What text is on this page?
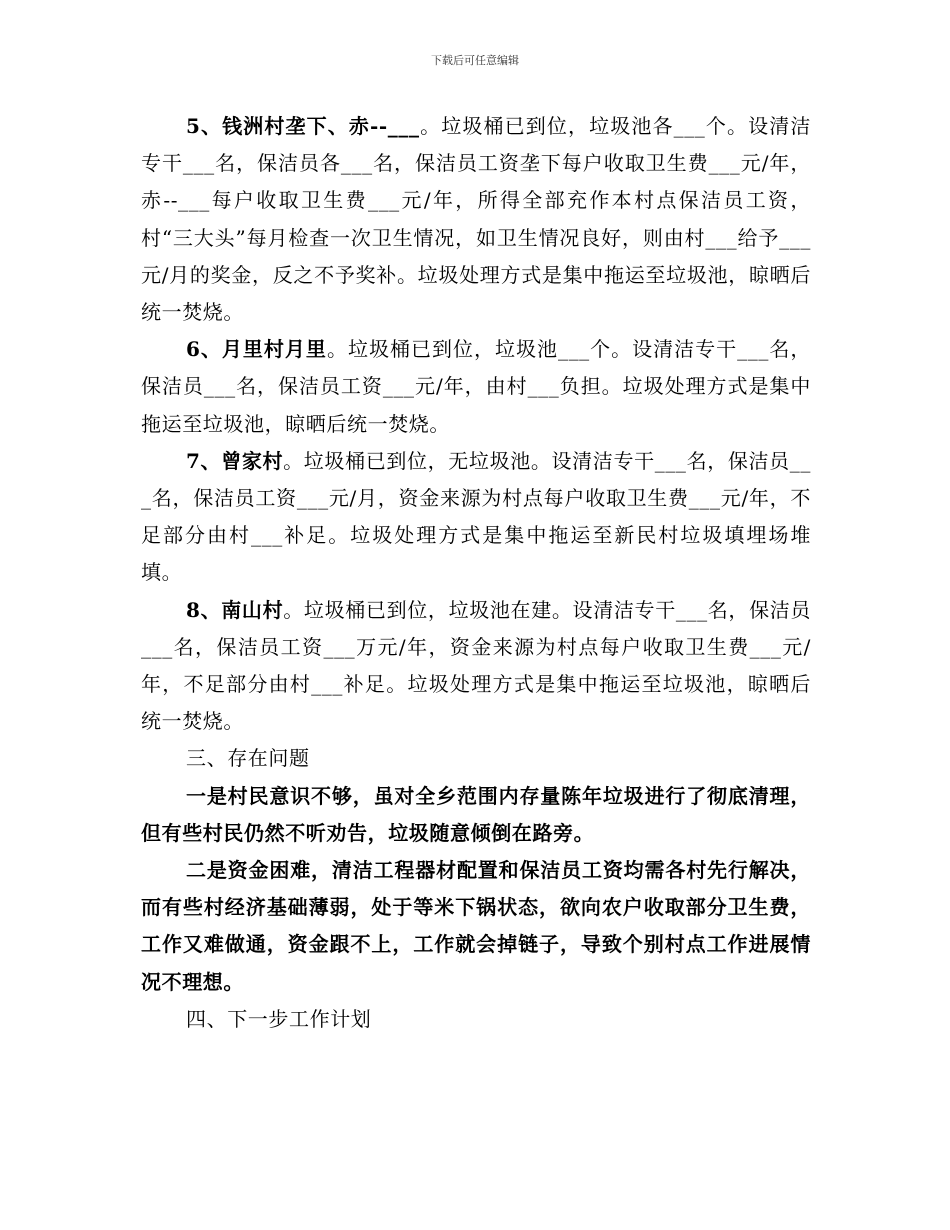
下载后可任意编辑

5、钱洲村垄下、赤--___。垃圾桶已到位，垃圾池各___个。设清洁专干___名，保洁员各___名，保洁员工资垄下每户收取卫生费___元/年，赤--___每户收取卫生费___元/年，所得全部充作本村点保洁员工资，村“三大头”每月检查一次卫生情况，如卫生情况良好，则由村___给予___元/月的奖金，反之不予奖补。垃圾处理方式是集中拖运至垃圾池，晾晒后统一焚烧。

6、月里村月里。垃圾桶已到位，垃圾池___个。设清洁专干___名，保洁员___名，保洁员工资___元/年，由村___负担。垃圾处理方式是集中拖运至垃圾池，晾晒后统一焚烧。

7、曾家村。垃圾桶已到位，无垃圾池。设清洁专干___名，保洁员___名，保洁员工资___元/月，资金来源为村点每户收取卫生费___元/年，不足部分由村___补足。垃圾处理方式是集中拖运至新民村垃圾填埋场堆填。

8、南山村。垃圾桶已到位，垃圾池在建。设清洁专干___名，保洁员___名，保洁员工资___万元/年，资金来源为村点每户收取卫生费___元/年，不足部分由村___补足。垃圾处理方式是集中拖运至垃圾池，晾晒后统一焚烧。

三、存在问题

一是村民意识不够，虽对全乡范围内存量陈年垃圾进行了彻底清理，但有些村民仍然不听劝告，垃圾随意倾倒在路旁。

二是资金困难，清洁工程器材配置和保洁员工资均需各村先行解决，而有些村经济基础薄弱，处于等米下锅状态，欲向农户收取部分卫生费，工作又难做通，资金跟不上，工作就会掉链子，导致个别村点工作进展情况不理想。

四、下一步工作计划
